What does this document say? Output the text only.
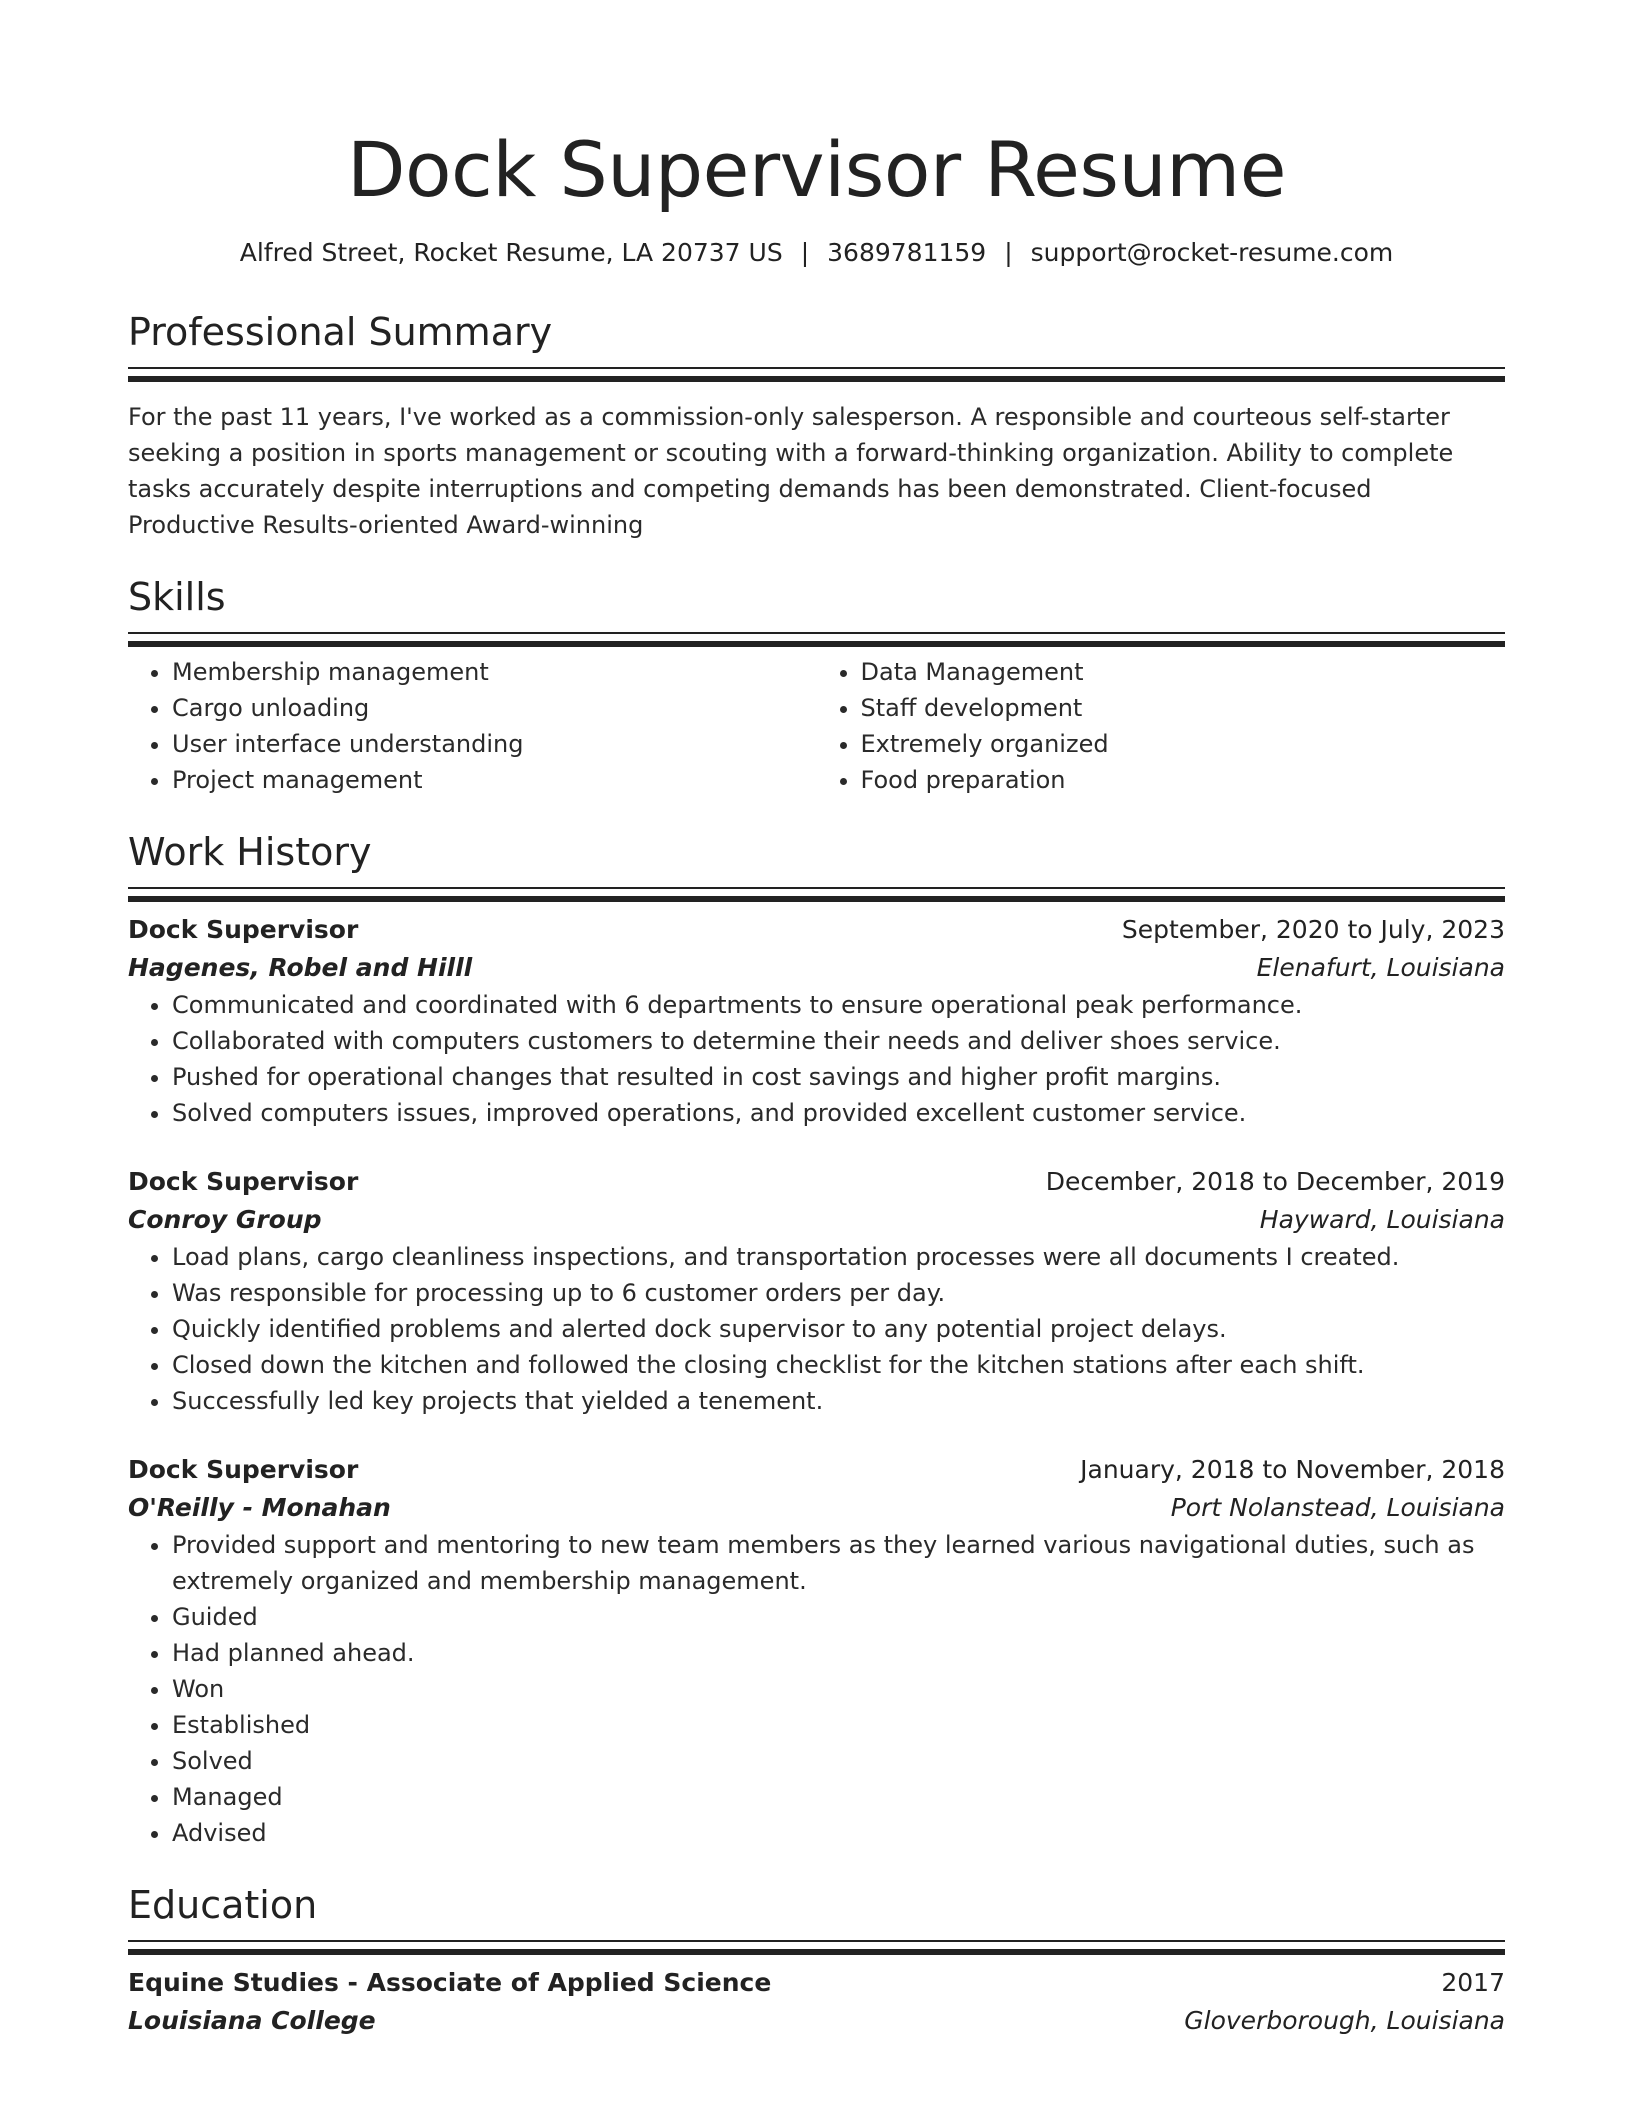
Dock Supervisor Resume
Alfred Street, Rocket Resume, LA 20737 US | 3689781159 | support@rocket-resume.com
Professional Summary

For the past 11 years, I've worked as a commission-only salesperson. A responsible and courteous self-starter seeking a position in sports management or scouting with a forward-thinking organization. Ability to complete tasks accurately despite interruptions and competing demands has been demonstrated. Client-focused Productive Results-oriented Award-winning

Skills
• Membership management
• Cargo unloading
• User interface understanding
• Project management
• Data Management
• Staff development
• Extremely organized
• Food preparation
Work History
Dock Supervisor	September, 2020 to July, 2023
Hagenes, Robel and Hilll	Elenafurt, Louisiana
• Communicated and coordinated with 6 departments to ensure operational peak performance.
• Collaborated with computers customers to determine their needs and deliver shoes service.
• Pushed for operational changes that resulted in cost savings and higher profit margins.
• Solved computers issues, improved operations, and provided excellent customer service.
Dock Supervisor	December, 2018 to December, 2019
Conroy Group	Hayward, Louisiana
• Load plans, cargo cleanliness inspections, and transportation processes were all documents I created.
• Was responsible for processing up to 6 customer orders per day.
• Quickly identified problems and alerted dock supervisor to any potential project delays.
• Closed down the kitchen and followed the closing checklist for the kitchen stations after each shift.
• Successfully led key projects that yielded a tenement.
Dock Supervisor	January, 2018 to November, 2018
O'Reilly - Monahan	Port Nolanstead, Louisiana
• Provided support and mentoring to new team members as they learned various navigational duties, such as extremely organized and membership management.
• Guided
• Had planned ahead.
• Won
• Established
• Solved
• Managed
• Advised
Education
Equine Studies - Associate of Applied Science	2017
Louisiana College	Gloverborough, Louisiana
